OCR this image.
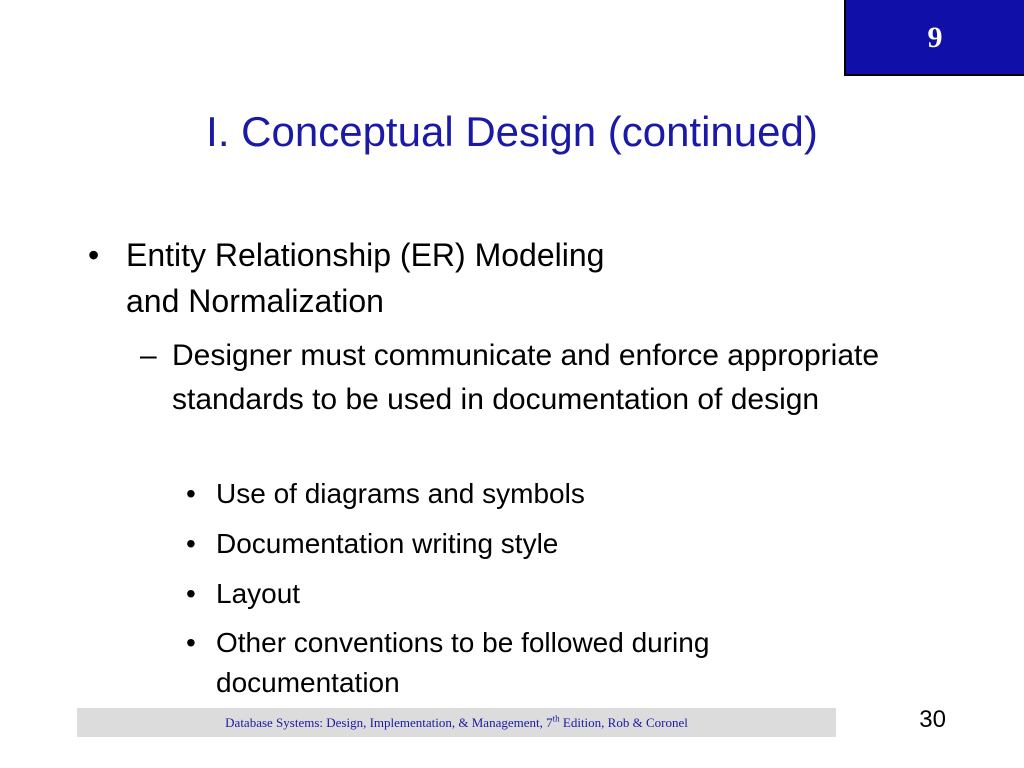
9
I. Conceptual Design (continued)
• Entity Relationship (ER) Modeling
and Normalization
– Designer must communicate and enforce appropriate standards to be used in documentation of design
• Use of diagrams and symbols
• Documentation writing style
• Layout
• Other conventions to be followed during documentation
Database Systems: Design, Implementation, & Management, 7th Edition, Rob & Coronel	30
